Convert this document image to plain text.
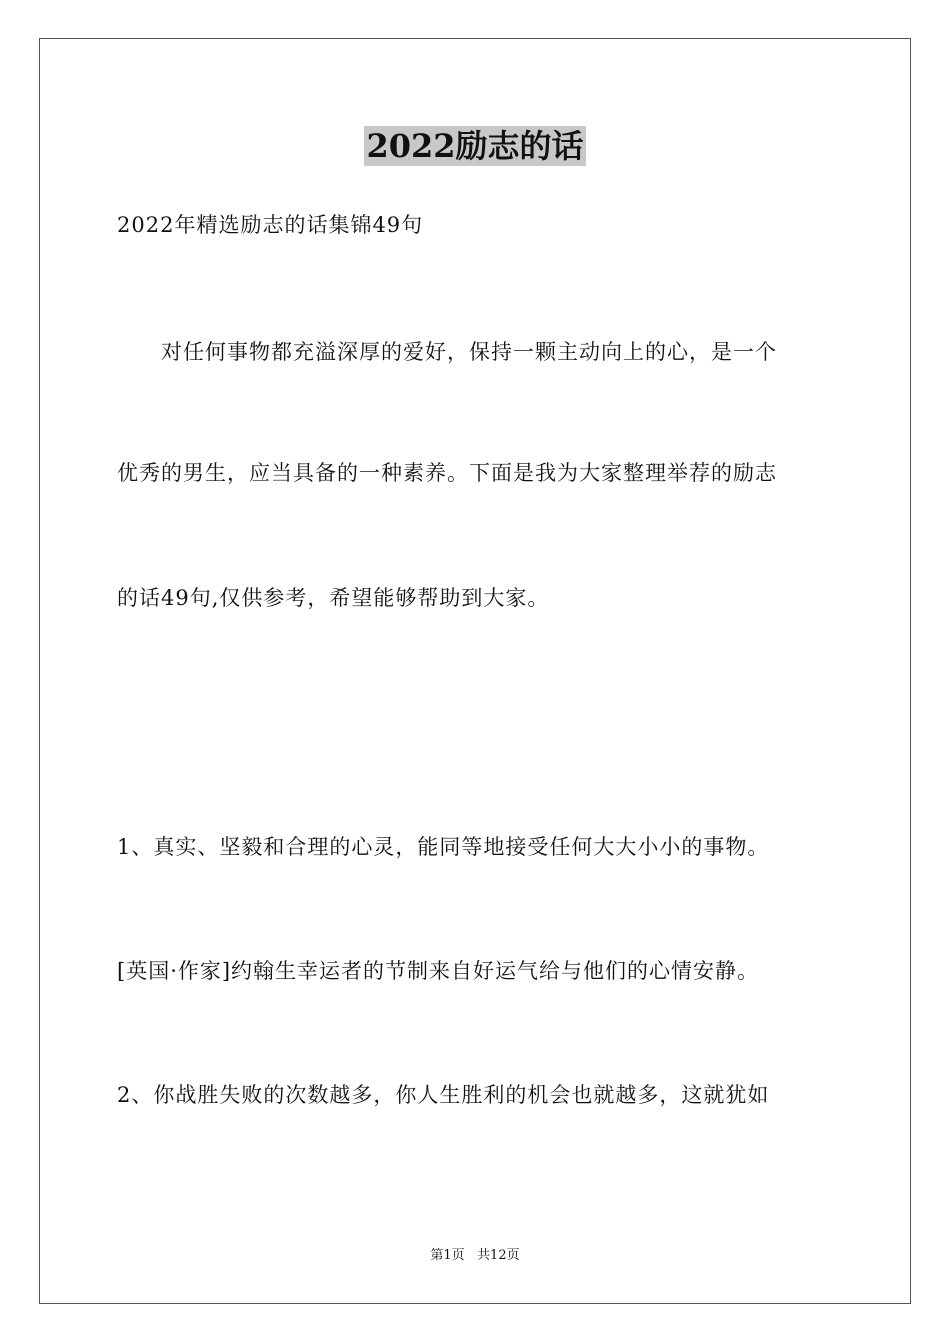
2022励志的话
2022年精选励志的话集锦49句
对任何事物都充溢深厚的爱好，保持一颗主动向上的心，是一个
优秀的男生，应当具备的一种素养。下面是我为大家整理举荐的励志
的话49句,仅供参考，希望能够帮助到大家。
1、真实、坚毅和合理的心灵，能同等地接受任何大大小小的事物。
[英国·作家]约翰生幸运者的节制来自好运气给与他们的心情安静。
2、你战胜失败的次数越多，你人生胜利的机会也就越多，这就犹如
第1页   共12页
